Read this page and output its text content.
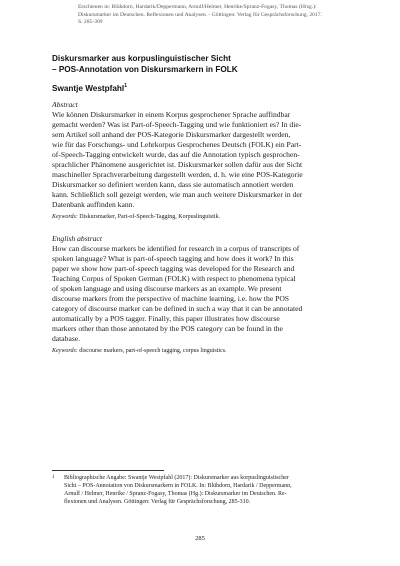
Erschienen in: Blühdorn, Hardarik/Deppermann, Arnulf/Helmer, Henrike/Spranz-Fogasy, Thomas (Hrsg.):
Diskursmarker im Deutschen. Reflexionen und Analysen. - Göttingen: Verlag für Gesprächsforschung, 2017.
S. 285-309
Diskursmarker aus korpuslinguistischer Sicht
– POS-Annotation von Diskursmarkern in FOLK
Swantje Westpfahl$^1$
Abstract
Wie können Diskursmarker in einem Korpus gesprochener Sprache auffindbar
gemacht werden? Was ist Part-of-Speech-Tagging und wie funktioniert es? In die-
sem Artikel soll anhand der POS-Kategorie Diskursmarker dargestellt werden,
wie für das Forschungs- und Lehrkorpus Gesprochenes Deutsch (FOLK) ein Part-
of-Speech-Tagging entwickelt wurde, das auf die Annotation typisch gesprochen-
sprachlicher Phänomene ausgerichtet ist. Diskursmarker sollen dafür aus der Sicht
maschineller Sprachverarbeitung dargestellt werden, d. h. wie eine POS-Kategorie
Diskursmarker so definiert werden kann, dass sie automatisch annotiert werden
kann. Schließlich soll gezeigt werden, wie man auch weitere Diskursmarker in der
Datenbank auffinden kann.
Keywords: Diskursmarker, Part-of-Speech-Tagging, Korpuslinguistik.
English abstract
How can discourse markers be identified for research in a corpus of transcripts of
spoken language? What is part-of-speech tagging and how does it work? In this
paper we show how part-of-speech tagging was developed for the Research and
Teaching Corpus of Spoken German (FOLK) with respect to phenomena typical
of spoken language and using discourse markers as an example. We present
discourse markers from the perspective of machine learning, i.e. how the POS
category of discourse marker can be defined in such a way that it can be annotated
automatically by a POS tagger. Finally, this paper illustrates how discourse
markers other than those annotated by the POS category can be found in the
database.
Keywords: discourse markers, part-of-speech tagging, corpus linguistics.
1	Bibliographische Angabe: Swantje Westpfahl (2017): Diskursmarker aus korpuslinguistischer
Sicht – POS-Annotation von Diskursmarkern in FOLK. In: Blühdorn, Hardarik / Deppermann,
Arnulf / Helmer, Henrike / Spranz-Fogasy, Thomas (Hg.): Diskursmarker im Deutschen. Re-
flexionen und Analysen. Göttingen: Verlag für Gesprächsforschung, 285-310.
285
